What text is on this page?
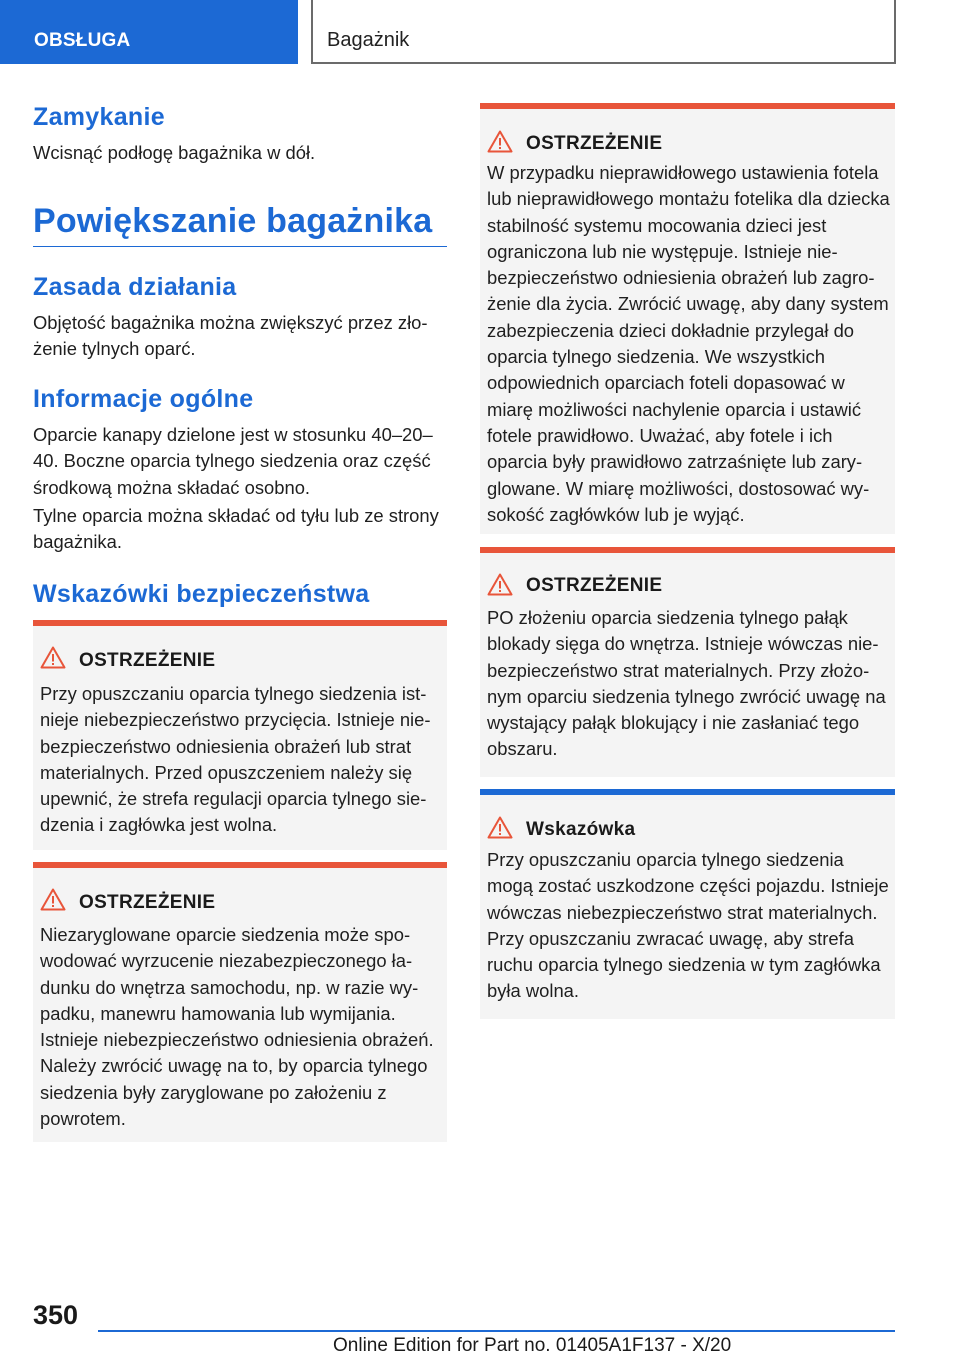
OBSŁUGA	Bagażnik
Zamykanie
Wcisnąć podłogę bagażnika w dół.
Powiększanie bagażnika
Zasada działania
Objętość bagażnika można zwiększyć przez złożenie tylnych oparć.
Informacje ogólne
Oparcie kanapy dzielone jest w stosunku 40–20–40. Boczne oparcia tylnego siedzenia oraz część środkową można składać osobno.
Tylne oparcia można składać od tyłu lub ze strony bagażnika.
Wskazówki bezpieczeństwa
OSTRZEŻENIE
Przy opuszczaniu oparcia tylnego siedzenia istnieje niebezpieczeństwo przycięcia. Istnieje niebezpieczeństwo odniesienia obrażeń lub strat materialnych. Przed opuszczeniem należy się upewnić, że strefa regulacji oparcia tylnego siedzenia i zagłówka jest wolna.
OSTRZEŻENIE
Niezaryglowane oparcie siedzenia może spowodować wyrzucenie niezabezpieczonego ładunku do wnętrza samochodu, np. w razie wypadku, manewru hamowania lub wymijania. Istnieje niebezpieczeństwo odniesienia obrażeń. Należy zwrócić uwagę na to, by oparcia tylnego siedzenia były zaryglowane po założeniu z powrotem.
OSTRZEŻENIE
W przypadku nieprawidłowego ustawienia fotela lub nieprawidłowego montażu fotelika dla dziecka stabilność systemu mocowania dzieci jest ograniczona lub nie występuje. Istnieje niebezpieczeństwo odniesienia obrażeń lub zagrożenie dla życia. Zwrócić uwagę, aby dany system zabezpieczenia dzieci dokładnie przylegał do oparcia tylnego siedzenia. We wszystkich odpowiednich oparciach foteli dopasować w miarę możliwości nachylenie oparcia i ustawić fotele prawidłowo. Uważać, aby fotele i ich oparcia były prawidłowo zatrzaśnięte lub zaryglowane. W miarę możliwości, dostosować wysokość zagłówków lub je wyjąć.
OSTRZEŻENIE
PO złożeniu oparcia siedzenia tylnego pałąk blokady sięga do wnętrza. Istnieje wówczas niebezpieczeństwo strat materialnych. Przy złożonym oparciu siedzenia tylnego zwrócić uwagę na wystający pałąk blokujący i nie zasłaniać tego obszaru.
Wskazówka
Przy opuszczaniu oparcia tylnego siedzenia mogą zostać uszkodzone części pojazdu. Istnieje wówczas niebezpieczeństwo strat materialnych. Przy opuszczaniu zwracać uwagę, aby strefa ruchu oparcia tylnego siedzenia w tym zagłówka była wolna.
350
Online Edition for Part no. 01405A1F137 - X/20
